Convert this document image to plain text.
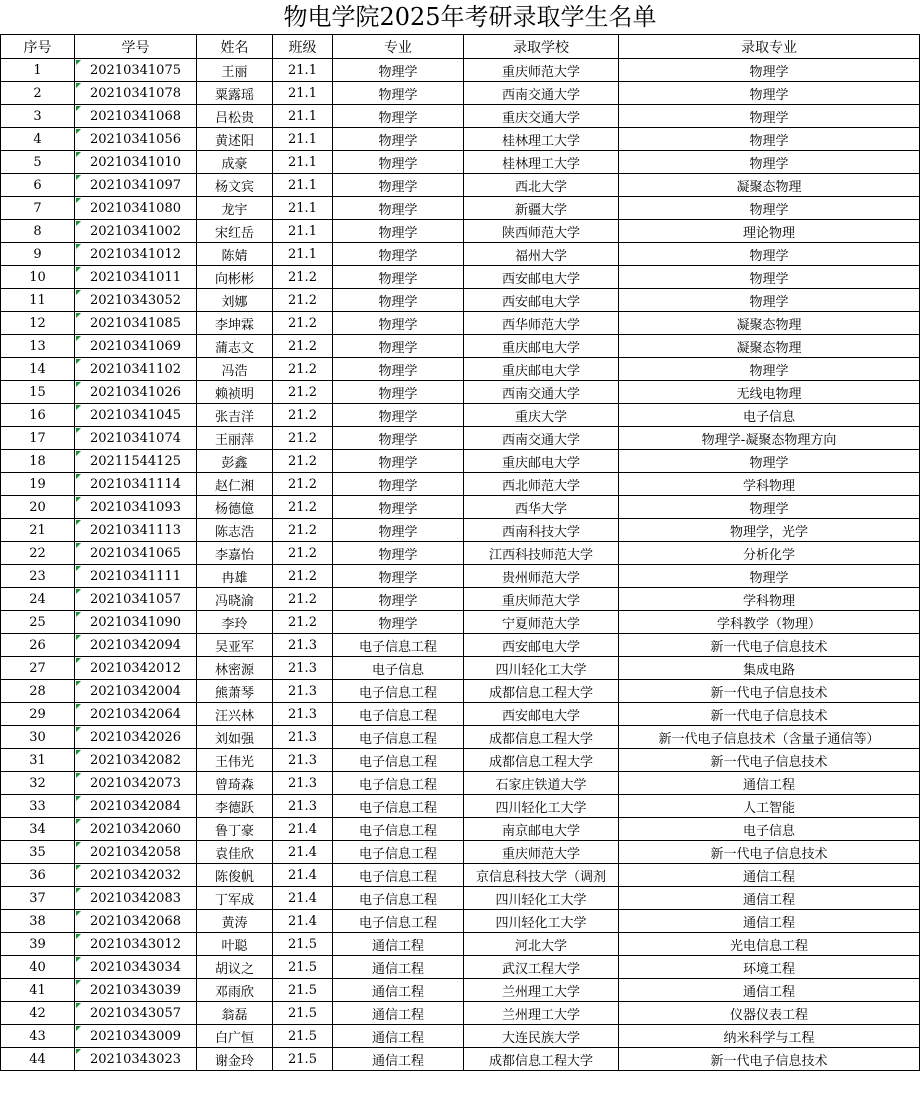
物电学院2025年考研录取学生名单
序号	学号	姓名	班级	专业	录取学校	录取专业
1	20210341075	王丽	21.1	物理学	重庆师范大学	物理学
2	20210341078	粟露瑶	21.1	物理学	西南交通大学	物理学
3	20210341068	吕松贵	21.1	物理学	重庆交通大学	物理学
4	20210341056	黄述阳	21.1	物理学	桂林理工大学	物理学
5	20210341010	成豪	21.1	物理学	桂林理工大学	物理学
6	20210341097	杨文宾	21.1	物理学	西北大学	凝聚态物理
7	20210341080	龙宇	21.1	物理学	新疆大学	物理学
8	20210341002	宋红岳	21.1	物理学	陕西师范大学	理论物理
9	20210341012	陈婧	21.1	物理学	福州大学	物理学
10	20210341011	向彬彬	21.2	物理学	西安邮电大学	物理学
11	20210343052	刘娜	21.2	物理学	西安邮电大学	物理学
12	20210341085	李坤霖	21.2	物理学	西华师范大学	凝聚态物理
13	20210341069	蒲志文	21.2	物理学	重庆邮电大学	凝聚态物理
14	20210341102	冯浩	21.2	物理学	重庆邮电大学	物理学
15	20210341026	赖祯明	21.2	物理学	西南交通大学	无线电物理
16	20210341045	张吉洋	21.2	物理学	重庆大学	电子信息
17	20210341074	王丽萍	21.2	物理学	西南交通大学	物理学-凝聚态物理方向
18	20211544125	彭鑫	21.2	物理学	重庆邮电大学	物理学
19	20210341114	赵仁湘	21.2	物理学	西北师范大学	学科物理
20	20210341093	杨德億	21.2	物理学	西华大学	物理学
21	20210341113	陈志浩	21.2	物理学	西南科技大学	物理学，光学
22	20210341065	李嘉怡	21.2	物理学	江西科技师范大学	分析化学
23	20210341111	冉雄	21.2	物理学	贵州师范大学	物理学
24	20210341057	冯晓渝	21.2	物理学	重庆师范大学	学科物理
25	20210341090	李玲	21.2	物理学	宁夏师范大学	学科教学（物理）
26	20210342094	吴亚军	21.3	电子信息工程	西安邮电大学	新一代电子信息技术
27	20210342012	林密源	21.3	电子信息	四川轻化工大学	集成电路
28	20210342004	熊萧琴	21.3	电子信息工程	成都信息工程大学	新一代电子信息技术
29	20210342064	汪兴林	21.3	电子信息工程	西安邮电大学	新一代电子信息技术
30	20210342026	刘如强	21.3	电子信息工程	成都信息工程大学	新一代电子信息技术（含量子通信等）
31	20210342082	王伟光	21.3	电子信息工程	成都信息工程大学	新一代电子信息技术
32	20210342073	曾琦森	21.3	电子信息工程	石家庄铁道大学	通信工程
33	20210342084	李德跃	21.3	电子信息工程	四川轻化工大学	人工智能
34	20210342060	鲁丁豪	21.4	电子信息工程	南京邮电大学	电子信息
35	20210342058	袁佳欣	21.4	电子信息工程	重庆师范大学	新一代电子信息技术
36	20210342032	陈俊帆	21.4	电子信息工程	京信息科技大学（调剂	通信工程
37	20210342083	丁军成	21.4	电子信息工程	四川轻化工大学	通信工程
38	20210342068	黄涛	21.4	电子信息工程	四川轻化工大学	通信工程
39	20210343012	叶聪	21.5	通信工程	河北大学	光电信息工程
40	20210343034	胡议之	21.5	通信工程	武汉工程大学	环境工程
41	20210343039	邓雨欣	21.5	通信工程	兰州理工大学	通信工程
42	20210343057	翁磊	21.5	通信工程	兰州理工大学	仪器仪表工程
43	20210343009	白广恒	21.5	通信工程	大连民族大学	纳米科学与工程
44	20210343023	谢金玲	21.5	通信工程	成都信息工程大学	新一代电子信息技术
